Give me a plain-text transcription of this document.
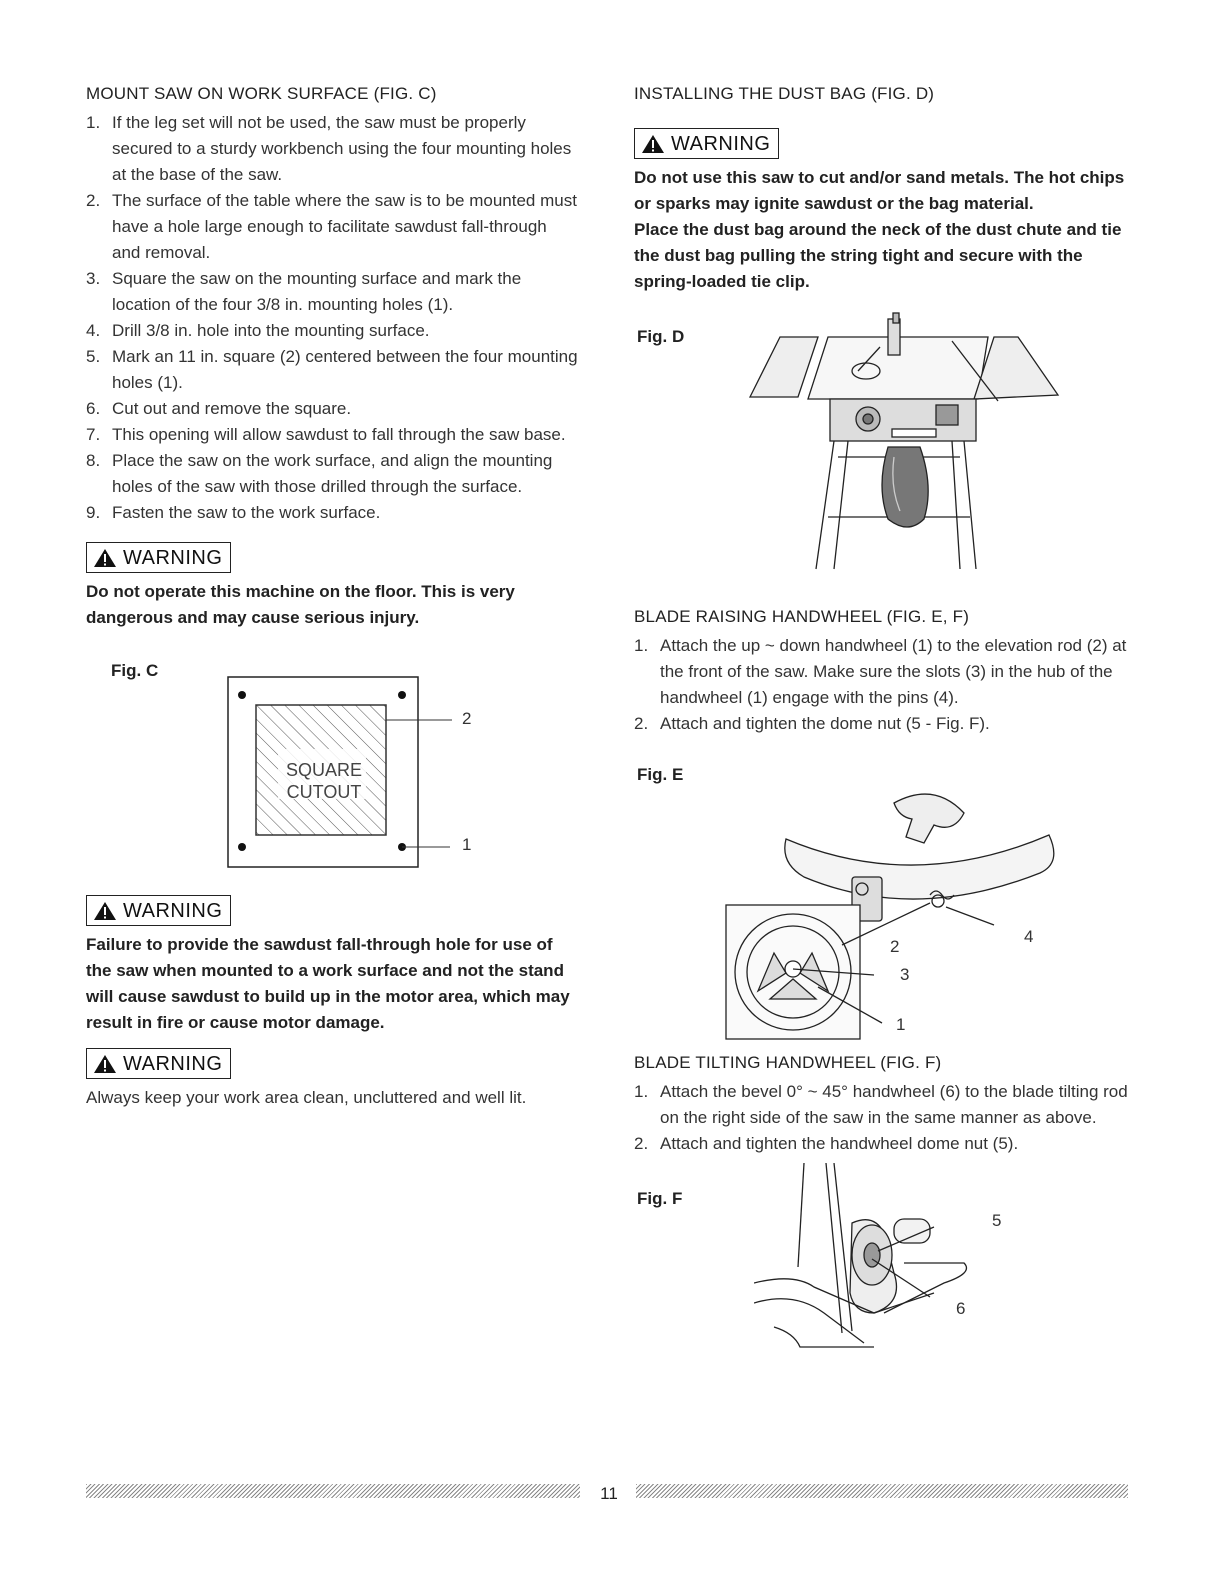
MOUNT SAW ON WORK SURFACE (FIG. C)
1. If the leg set will not be used, the saw must be properly secured to a sturdy workbench using the four mounting holes at the base of the saw.
2. The surface of the table where the saw is to be mounted must have a hole large enough to facilitate sawdust fall-through and removal.
3. Square the saw on the mounting surface and mark the location of the four 3/8 in. mounting holes (1).
4. Drill 3/8 in. hole into the mounting surface.
5. Mark an 11 in. square (2) centered between the four mounting holes (1).
6. Cut out and remove the square.
7. This opening will allow sawdust to fall through the saw base.
8. Place the saw on the work surface, and align the mounting holes of the saw with those drilled through the surface.
9. Fasten the saw to the work surface.
WARNING

Do not operate this machine on the floor. This is very dangerous and may cause serious injury.

Fig. C
SQUARE
CUTOUT
2
1
WARNING

Failure to provide the sawdust fall-through hole for use of the saw when mounted to a work surface and not the stand will cause sawdust to build up in the motor area, which may result in fire or cause motor damage.

WARNING

Always keep your work area clean, uncluttered and well lit.

INSTALLING THE DUST BAG (FIG. D)
WARNING

Do not use this saw to cut and/or sand metals. The hot chips or sparks may ignite sawdust or the bag material.

Place the dust bag around the neck of the dust chute and tie the dust bag pulling the string tight and secure with the spring-loaded tie clip.

Fig. D
BLADE RAISING HANDWHEEL (FIG. E, F)
1. Attach the up ~ down handwheel (1) to the elevation rod (2) at the front of the saw. Make sure the slots (3) in the hub of the handwheel (1) engage with the pins (4).
2. Attach and tighten the dome nut (5 - Fig. F).
Fig. E
2
4
3
1
BLADE TILTING HANDWHEEL (FIG. F)
1. Attach the bevel 0° ~ 45° handwheel (6) to the blade tilting rod on the right side of the saw in the same manner as above.
2. Attach and tighten the handwheel dome nut (5).
Fig. F
5
6
11
